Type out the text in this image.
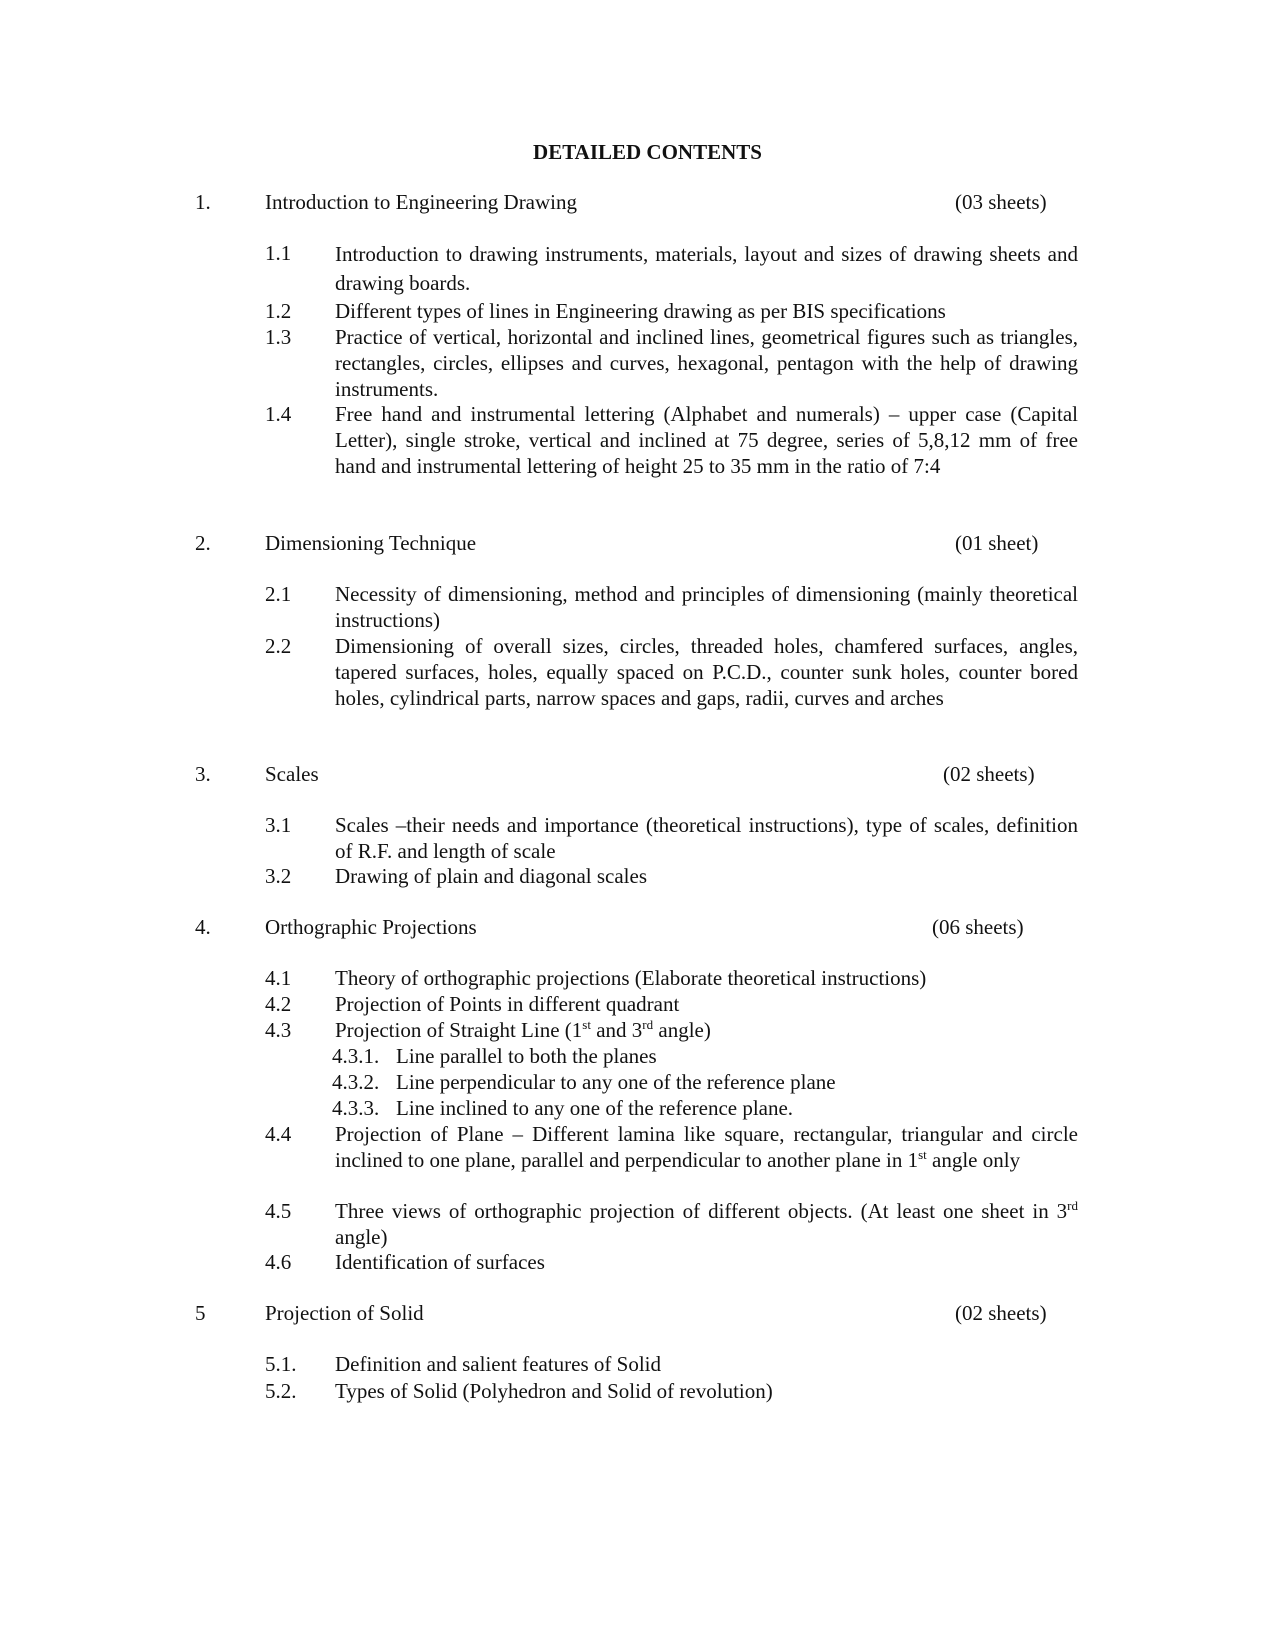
DETAILED CONTENTS
1.	Introduction to Engineering Drawing	(03 sheets)
1.1 Introduction to drawing instruments, materials, layout and sizes of drawing sheets and drawing boards.
1.2 Different types of lines in Engineering drawing as per BIS specifications
1.3 Practice of vertical, horizontal and inclined lines, geometrical figures such as triangles, rectangles, circles, ellipses and curves, hexagonal, pentagon with the help of drawing instruments.
1.4 Free hand and instrumental lettering (Alphabet and numerals) – upper case (Capital Letter), single stroke, vertical and inclined at 75 degree, series of 5,8,12 mm of free hand and instrumental lettering of height 25 to 35 mm in the ratio of 7:4
2.	Dimensioning Technique	(01 sheet)
2.1 Necessity of dimensioning, method and principles of dimensioning (mainly theoretical instructions)
2.2 Dimensioning of overall sizes, circles, threaded holes, chamfered surfaces, angles, tapered surfaces, holes, equally spaced on P.C.D., counter sunk holes, counter bored holes, cylindrical parts, narrow spaces and gaps, radii, curves and arches
3.	Scales	(02 sheets)
3.1 Scales –their needs and importance (theoretical instructions), type of scales, definition of R.F. and length of scale
3.2 Drawing of plain and diagonal scales
4.	Orthographic Projections	(06 sheets)
4.1 Theory of orthographic projections (Elaborate theoretical instructions)
4.2 Projection of Points in different quadrant
4.3 Projection of Straight Line (1st and 3rd angle)
4.3.1. Line parallel to both the planes
4.3.2. Line perpendicular to any one of the reference plane
4.3.3. Line inclined to any one of the reference plane.
4.4 Projection of Plane – Different lamina like square, rectangular, triangular and circle inclined to one plane, parallel and perpendicular to another plane in 1st angle only
4.5 Three views of orthographic projection of different objects. (At least one sheet in 3rd angle)
4.6 Identification of surfaces
5	Projection of Solid	(02 sheets)
5.1. Definition and salient features of Solid
5.2. Types of Solid (Polyhedron and Solid of revolution)
